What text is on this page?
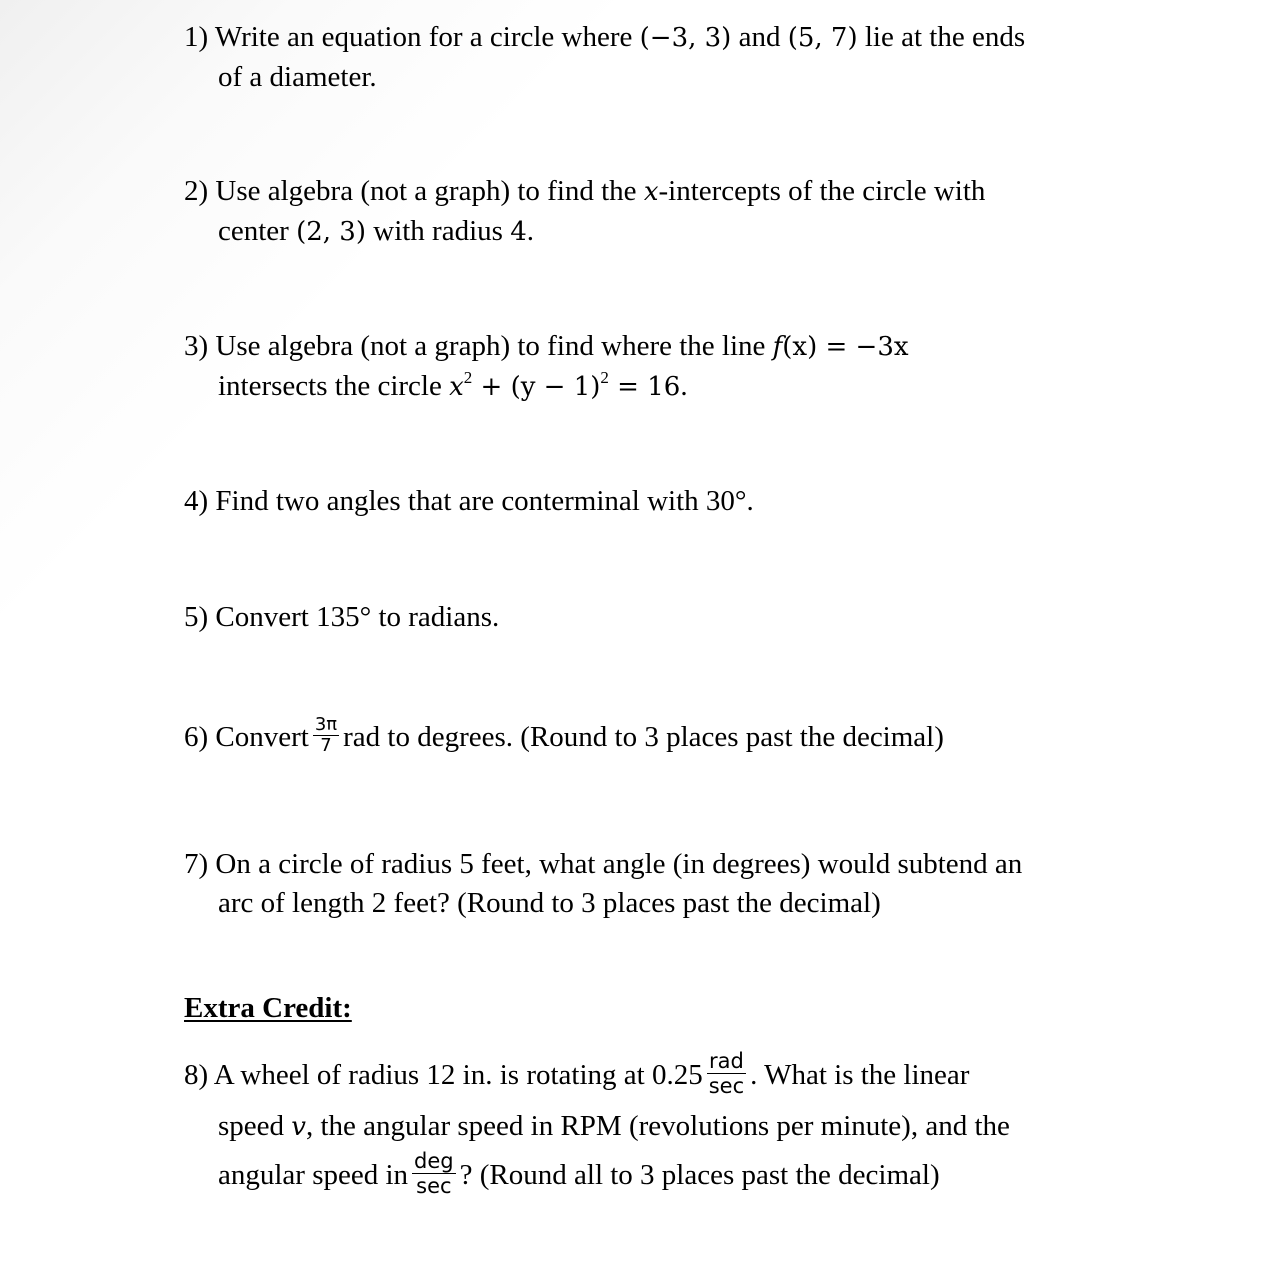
1) Write an equation for a circle where (−3, 3) and (5, 7) lie at the ends
of a diameter.
2) Use algebra (not a graph) to find the x-intercepts of the circle with
center (2, 3) with radius 4.
3) Use algebra (not a graph) to find where the line f(x) = −3x
intersects the circle $x^2 + (y - 1)^2 = 16$.
4) Find two angles that are conterminal with 30°.
5) Convert 135° to radians.
6) Convert $\frac{3\pi}{7}$ rad to degrees. (Round to 3 places past the decimal)
7) On a circle of radius 5 feet, what angle (in degrees) would subtend an
arc of length 2 feet? (Round to 3 places past the decimal)
Extra Credit:
8) A wheel of radius 12 in. is rotating at $0.25 \frac{\text{rad}}{\sec}$ . What is the linear
speed v, the angular speed in RPM (revolutions per minute), and the
angular speed in $\frac{\text{deg}}{\sec}$ ? (Round all to 3 places past the decimal)
